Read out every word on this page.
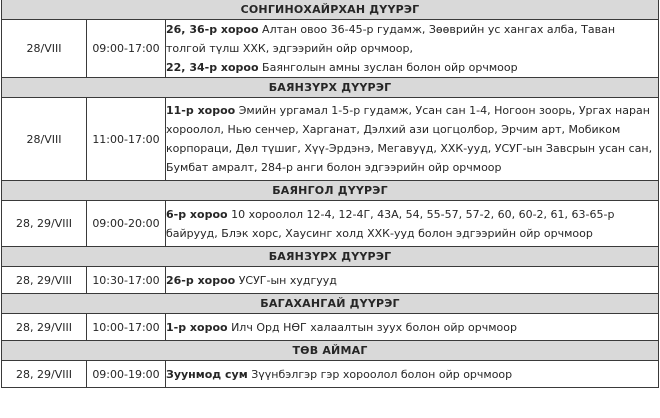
СОНГИНОХАЙРХАН ДҮҮРЭГ		
28/VIII	09:00-17:00	26, 36-р хороо Алтан овоо 36-45-р гудамж, Зөөврийн ус хангах алба, Таван толгой түлш ХХК, эдгээрийн ойр орчмоор,
22, 34-р хороо Баянголын амны зуслан болон ойр орчмоор
БАЯНЗҮРХ ДҮҮРЭГ		
28/VIII	11:00-17:00	11-р хороо Эмийн ургамал 1-5-р гудамж, Усан сан 1-4, Ногоон зоорь, Ургах наран хороолол, Нью сенчер, Харганат, Дэлхий ази цогцолбор, Эрчим арт, Мобиком корпораци, Дөл түшиг, Хүү-Эрдэнэ, Мегавуүд, ХХК-ууд, УСУГ-ын Завсрын усан сан, Бумбат амралт, 284-р анги болон эдгээрийн ойр орчмоор
БАЯНГОЛ ДҮҮРЭГ		
28, 29/VIII	09:00-20:00	6-р хороо 10 хороолол 12-4, 12-4Г, 43А, 54, 55-57, 57-2, 60, 60-2, 61, 63-65-р байрууд, Блэк хорс, Хаусинг холд ХХК-ууд болон эдгээрийн ойр орчмоор
БАЯНЗҮРХ ДҮҮРЭГ		
28, 29/VIII	10:30-17:00	26-р хороо УСУГ-ын худгууд
БАГАХАНГАЙ ДҮҮРЭГ		
28, 29/VIII	10:00-17:00	1-р хороо Илч Орд НӨГ халаалтын зуух болон ойр орчмоор
ТӨВ АЙМАГ		
28, 29/VIII	09:00-19:00	Зуунмод сум Зүүнбэлгэр гэр хороолол болон ойр орчмоор
